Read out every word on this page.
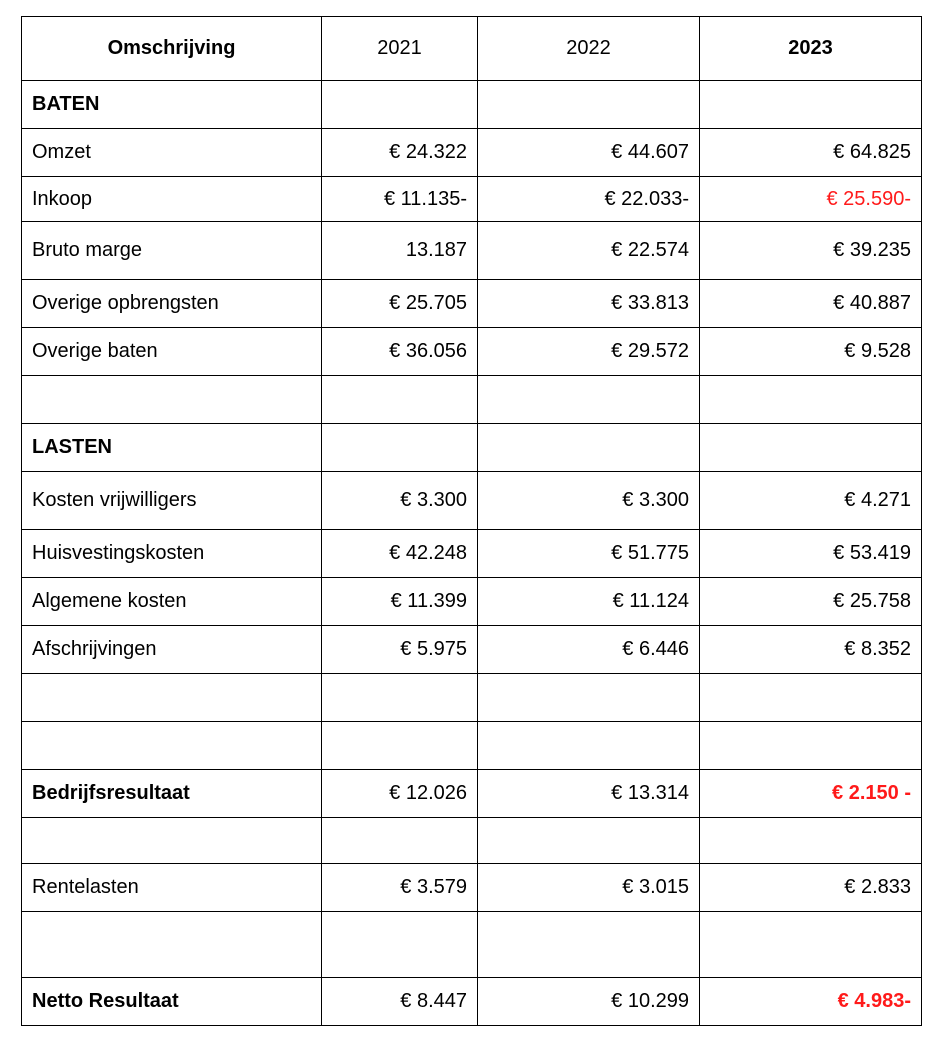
Omschrijving	2021	2022	2023
BATEN			
Omzet	€ 24.322	€ 44.607	€ 64.825
Inkoop	€ 11.135-	€ 22.033-	€ 25.590-
Bruto marge	13.187	€ 22.574	€ 39.235
Overige opbrengsten	€ 25.705	€ 33.813	€ 40.887
Overige baten	€ 36.056	€ 29.572	€ 9.528

LASTEN			
Kosten vrijwilligers	€ 3.300	€ 3.300	€ 4.271
Huisvestingskosten	€ 42.248	€ 51.775	€ 53.419
Algemene kosten	€ 11.399	€ 11.124	€ 25.758
Afschrijvingen	€ 5.975	€ 6.446	€ 8.352

Bedrijfsresultaat	€ 12.026	€ 13.314	€ 2.150 -

Rentelasten	€ 3.579	€ 3.015	€ 2.833

Netto Resultaat	€ 8.447	€ 10.299	€ 4.983-
